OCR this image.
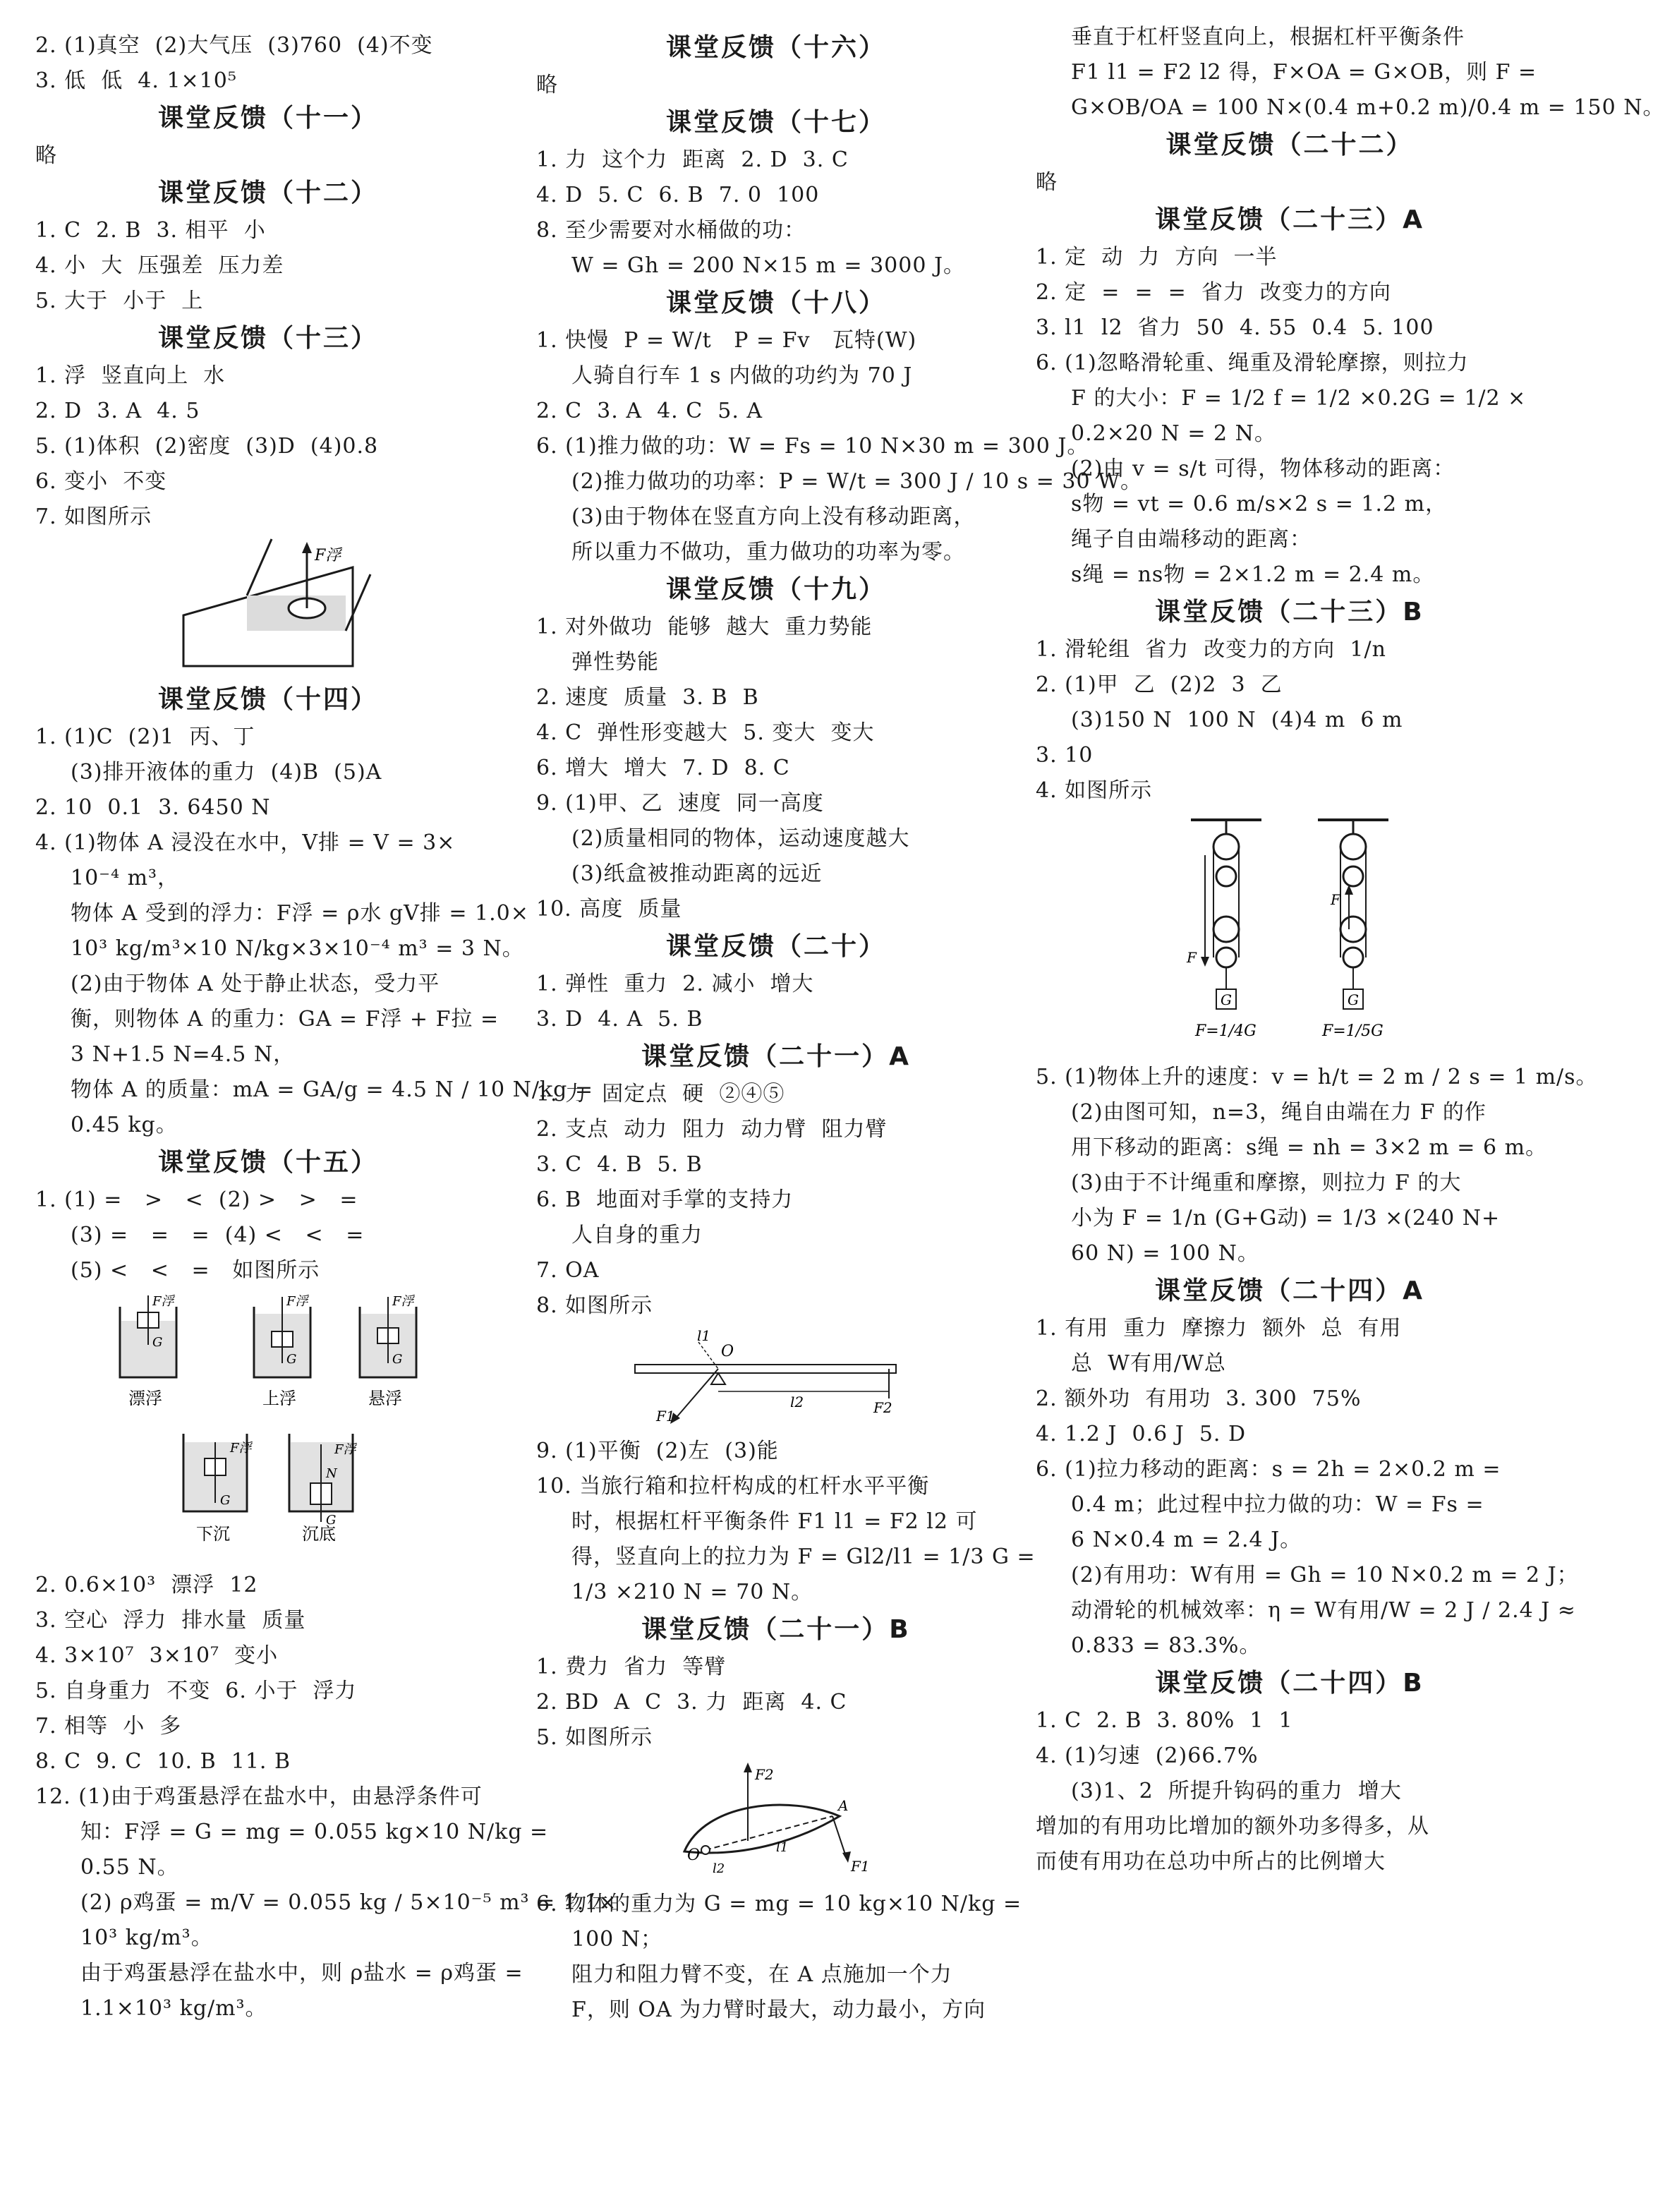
2. (1)真空  (2)大气压  (3)760  (4)不变
3. 低  低  4. 1×10⁵
课堂反馈（十一）
略
课堂反馈（十二）
1. C  2. B  3. 相平  小
4. 小  大  压强差  压力差
5. 大于  小于  上
课堂反馈（十三）
1. 浮  竖直向上  水
2. D  3. A  4. 5
5. (1)体积  (2)密度  (3)D  (4)0.8
6. 变小  不变
7. 如图所示
F浮
课堂反馈（十四）
1. (1)C  (2)1  丙、丁
(3)排开液体的重力  (4)B  (5)A
2. 10  0.1  3. 6450 N
4. (1)物体 A 浸没在水中，V排 = V = 3×
10⁻⁴ m³，
物体 A 受到的浮力：F浮 = ρ水 gV排 = 1.0×
10³ kg/m³×10 N/kg×3×10⁻⁴ m³ = 3 N。
(2)由于物体 A 处于静止状态，受力平
衡，则物体 A 的重力：GA = F浮 + F拉 =
3 N+1.5 N=4.5 N，
物体 A 的质量：mA = GA/g = 4.5 N / 10 N/kg =
0.45 kg。
课堂反馈（十五）
1. (1) =   >   <  (2) >   >   =
(3) =   =   =  (4) <   <   =
(5) <   <   =   如图所示
F浮
G
漂浮
F浮
G
上浮
F浮
G
悬浮
F浮
G
下沉
F浮
N
G
沉底
2. 0.6×10³  漂浮  12
3. 空心  浮力  排水量  质量
4. 3×10⁷  3×10⁷  变小
5. 自身重力  不变  6. 小于  浮力
7. 相等  小  多
8. C  9. C  10. B  11. B
12. (1)由于鸡蛋悬浮在盐水中，由悬浮条件可
知：F浮 = G = mg = 0.055 kg×10 N/kg =
0.55 N。
(2) ρ鸡蛋 = m/V = 0.055 kg / 5×10⁻⁵ m³ = 1.1×
10³ kg/m³。
由于鸡蛋悬浮在盐水中，则 ρ盐水 = ρ鸡蛋 =
1.1×10³ kg/m³。
课堂反馈（十六）
略
课堂反馈（十七）
1. 力  这个力  距离  2. D  3. C
4. D  5. C  6. B  7. 0  100
8. 至少需要对水桶做的功：
W = Gh = 200 N×15 m = 3000 J。
课堂反馈（十八）
1. 快慢  P = W/t   P = Fv   瓦特(W)
人骑自行车 1 s 内做的功约为 70 J
2. C  3. A  4. C  5. A
6. (1)推力做的功：W = Fs = 10 N×30 m = 300 J。
(2)推力做功的功率：P = W/t = 300 J / 10 s = 30 W。
(3)由于物体在竖直方向上没有移动距离，
所以重力不做功，重力做功的功率为零。
课堂反馈（十九）
1. 对外做功  能够  越大  重力势能
弹性势能
2. 速度  质量  3. B  B
4. C  弹性形变越大  5. 变大  变大
6. 增大  增大  7. D  8. C
9. (1)甲、乙  速度  同一高度
(2)质量相同的物体，运动速度越大
(3)纸盒被推动距离的远近
10. 高度  质量
课堂反馈（二十）
1. 弹性  重力  2. 减小  增大
3. D  4. A  5. B
课堂反馈（二十一）A
1. 力  固定点  硬  ②④⑤
2. 支点  动力  阻力  动力臂  阻力臂
3. C  4. B  5. B
6. B  地面对手掌的支持力
人自身的重力
7. OA
8. 如图所示
O
l1
l2
F1	F2
9. (1)平衡  (2)左  (3)能
10. 当旅行箱和拉杆构成的杠杆水平平衡
时，根据杠杆平衡条件 F1 l1 = F2 l2 可
得，竖直向上的拉力为 F = Gl2/l1 = 1/3 G =
1/3 ×210 N = 70 N。
课堂反馈（二十一）B
1. 费力  省力  等臂
2. BD  A  C  3. 力  距离  4. C
5. 如图所示
F2
A
O
l2
l1
F1
6. 物体的重力为 G = mg = 10 kg×10 N/kg =
100 N；
阻力和阻力臂不变，在 A 点施加一个力
F，则 OA 为力臂时最大，动力最小，方向
垂直于杠杆竖直向上，根据杠杆平衡条件
F1 l1 = F2 l2 得，F×OA = G×OB，则 F =
G×OB/OA = 100 N×(0.4 m+0.2 m)/0.4 m = 150 N。
课堂反馈（二十二）
略
课堂反馈（二十三）A
1. 定  动  力  方向  一半
2. 定  =  =  =  省力  改变力的方向
3. l1  l2  省力  50  4. 55  0.4  5. 100
6. (1)忽略滑轮重、绳重及滑轮摩擦，则拉力
F 的大小：F = 1/2 f = 1/2 ×0.2G = 1/2 ×
0.2×20 N = 2 N。
(2)由 v = s/t 可得，物体移动的距离：
s物 = vt = 0.6 m/s×2 s = 1.2 m，
绳子自由端移动的距离：
s绳 = ns物 = 2×1.2 m = 2.4 m。
课堂反馈（二十三）B
1. 滑轮组  省力  改变力的方向  1/n
2. (1)甲  乙  (2)2  3  乙
(3)150 N  100 N  (4)4 m  6 m
3. 10
4. 如图所示
G
F
F=1/4G
G
F
F=1/5G
5. (1)物体上升的速度：v = h/t = 2 m / 2 s = 1 m/s。
(2)由图可知，n=3，绳自由端在力 F 的作
用下移动的距离：s绳 = nh = 3×2 m = 6 m。
(3)由于不计绳重和摩擦，则拉力 F 的大
小为 F = 1/n (G+G动) = 1/3 ×(240 N+
60 N) = 100 N。
课堂反馈（二十四）A
1. 有用  重力  摩擦力  额外  总  有用
总  W有用/W总
2. 额外功  有用功  3. 300  75%
4. 1.2 J  0.6 J  5. D
6. (1)拉力移动的距离：s = 2h = 2×0.2 m =
0.4 m；此过程中拉力做的功：W = Fs =
6 N×0.4 m = 2.4 J。
(2)有用功：W有用 = Gh = 10 N×0.2 m = 2 J；
动滑轮的机械效率：η = W有用/W = 2 J / 2.4 J ≈
0.833 = 83.3%。
课堂反馈（二十四）B
1. C  2. B  3. 80%  1  1
4. (1)匀速  (2)66.7%
(3)1、2  所提升钩码的重力  增大
增加的有用功比增加的额外功多得多，从
而使有用功在总功中所占的比例增大
